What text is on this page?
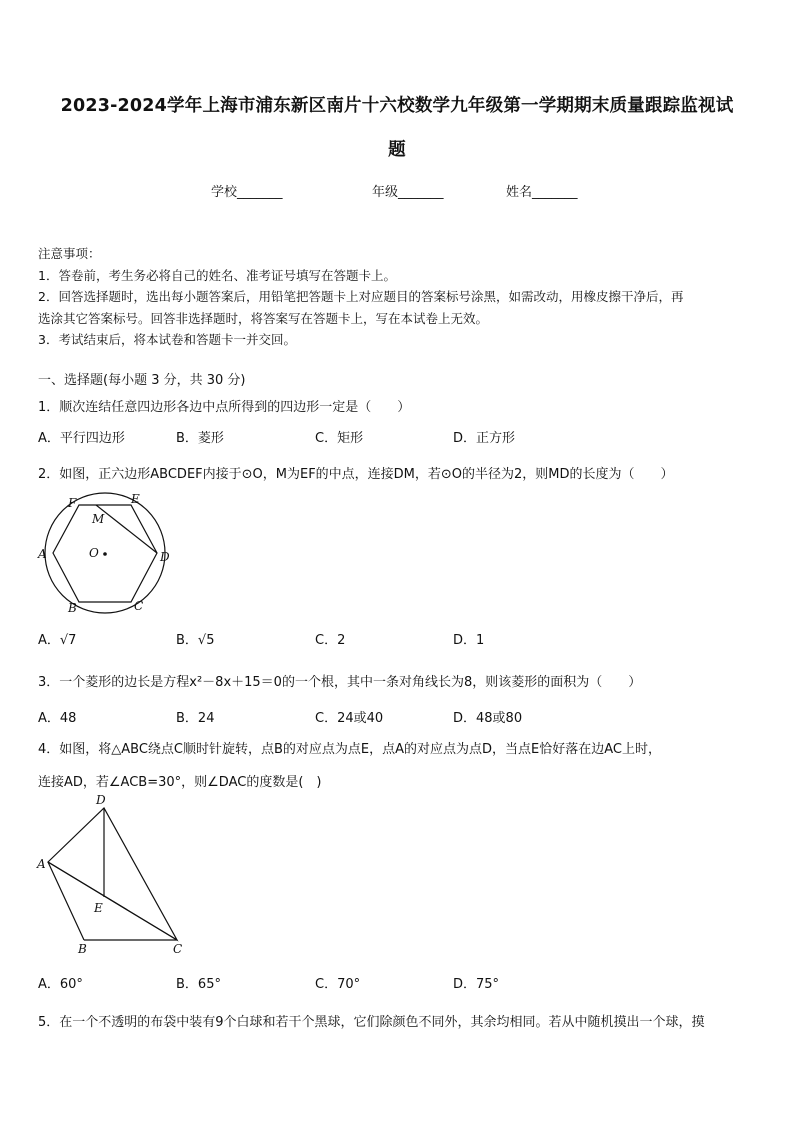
2023-2024学年上海市浦东新区南片十六校数学九年级第一学期期末质量跟踪监视试
题
学校_______	年级_______	姓名_______
注意事项：
1．答卷前，考生务必将自己的姓名、准考证号填写在答题卡上。
2．回答选择题时，选出每小题答案后，用铅笔把答题卡上对应题目的答案标号涂黑，如需改动，用橡皮擦干净后，再
选涂其它答案标号。回答非选择题时，将答案写在答题卡上，写在本试卷上无效。
3．考试结束后，将本试卷和答题卡一并交回。
一、选择题(每小题 3 分，共 30 分)
1．顺次连结任意四边形各边中点所得到的四边形一定是（　　）
A．平行四边形	B．菱形	C．矩形	D．正方形
2．如图，正六边形ABCDEF内接于⊙O，M为EF的中点，连接DM，若⊙O的半径为2，则MD的长度为（　　）
F	E
M
A	O	D
B	C
A．√7	B．√5	C．2	D．1
3．一个菱形的边长是方程x²－8x＋15＝0的一个根，其中一条对角线长为8，则该菱形的面积为（　　）
A．48	B．24	C．24或40	D．48或80
4．如图，将△ABC绕点C顺时针旋转，点B的对应点为点E，点A的对应点为点D，当点E恰好落在边AC上时，
连接AD，若∠ACB=30°，则∠DAC的度数是(　)
D
A
E
B	C
A．60°	B．65°	C．70°	D．75°
5．在一个不透明的布袋中装有9个白球和若干个黑球，它们除颜色不同外，其余均相同。若从中随机摸出一个球，摸
